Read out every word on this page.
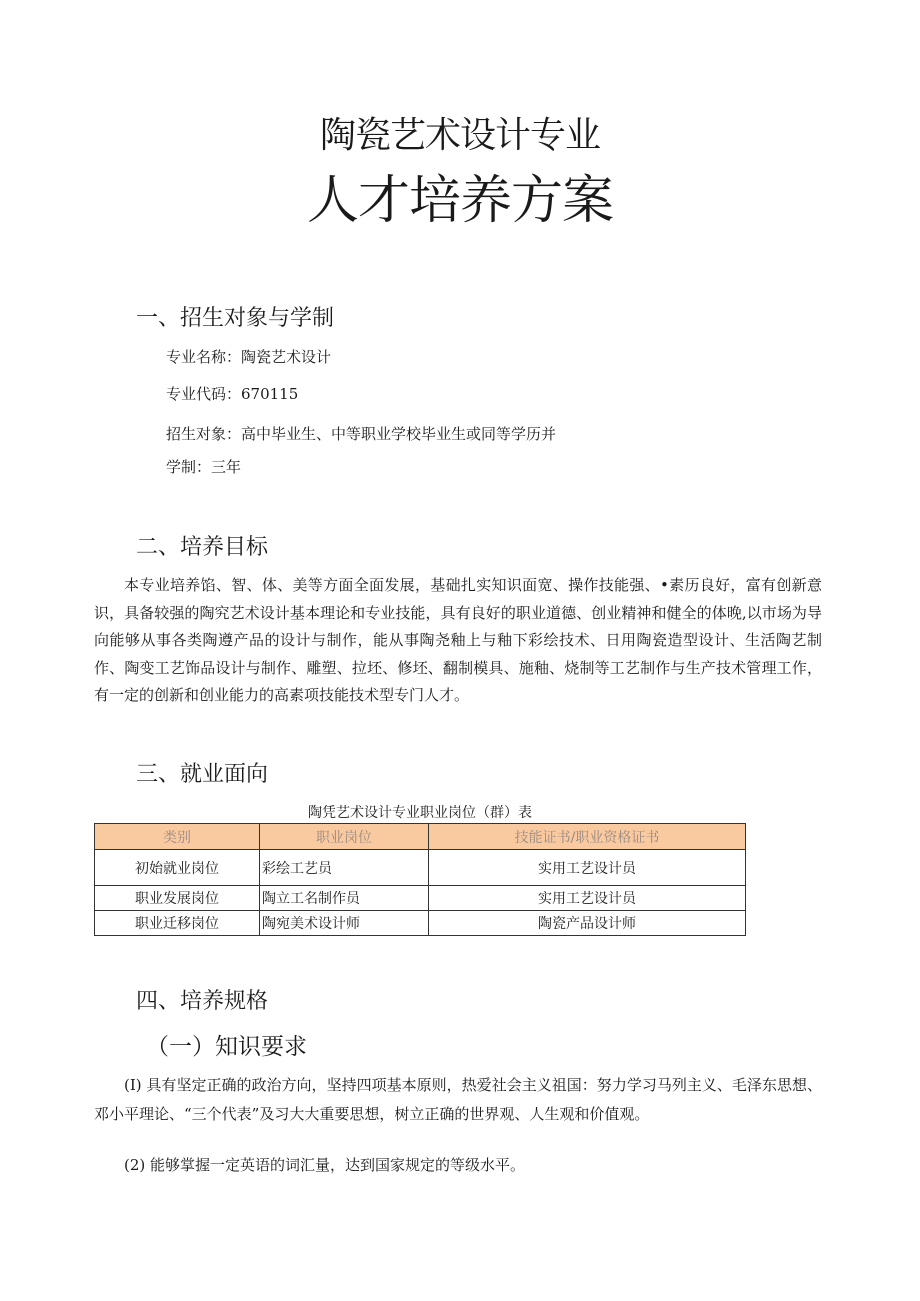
陶瓷艺术设计专业
人才培养方案
一、招生对象与学制
专业名称：陶瓷艺术设计
专业代码：670115
招生对象：高中毕业生、中等职业学校毕业生或同等学历并
学制：三年
二、培养目标
本专业培养馅、智、体、美等方面全面发展，基础扎实知识面宽、操作技能强、•素历良好，富有创新意识，具备较强的陶究艺术设计基本理论和专业技能，具有良好的职业道德、创业精神和健全的体晚,以市场为导向能够从事各类陶遵产品的设计与制作，能从事陶尧釉上与釉下彩绘技术、日用陶瓷造型设计、生活陶艺制作、陶变工艺饰品设计与制作、雕塑、拉坯、修坯、翻制模具、施釉、烧制等工艺制作与生产技术管理工作，有一定的创新和创业能力的高素项技能技术型专门人才。
三、就业面向
陶凭艺术设计专业职业岗位（群）表
类别	职业岗位	技能证书/职业资格证书
初始就业岗位	彩绘工艺员	实用工艺设计员
职业发展岗位	陶立工名制作员	实用工艺设计员
职业迁移岗位	陶宛美术设计师	陶瓷产品设计师
四、培养规格
（一）知识要求
(I) 具有坚定正确的政治方向，坚持四项基本原则，热爱社会主义祖国：努力学习马列主义、毛泽东思想、邓小平理论、“三个代表”及习大大重要思想，树立正确的世界观、人生观和价值观。
(2) 能够掌握一定英语的词汇量，达到国家规定的等级水平。
